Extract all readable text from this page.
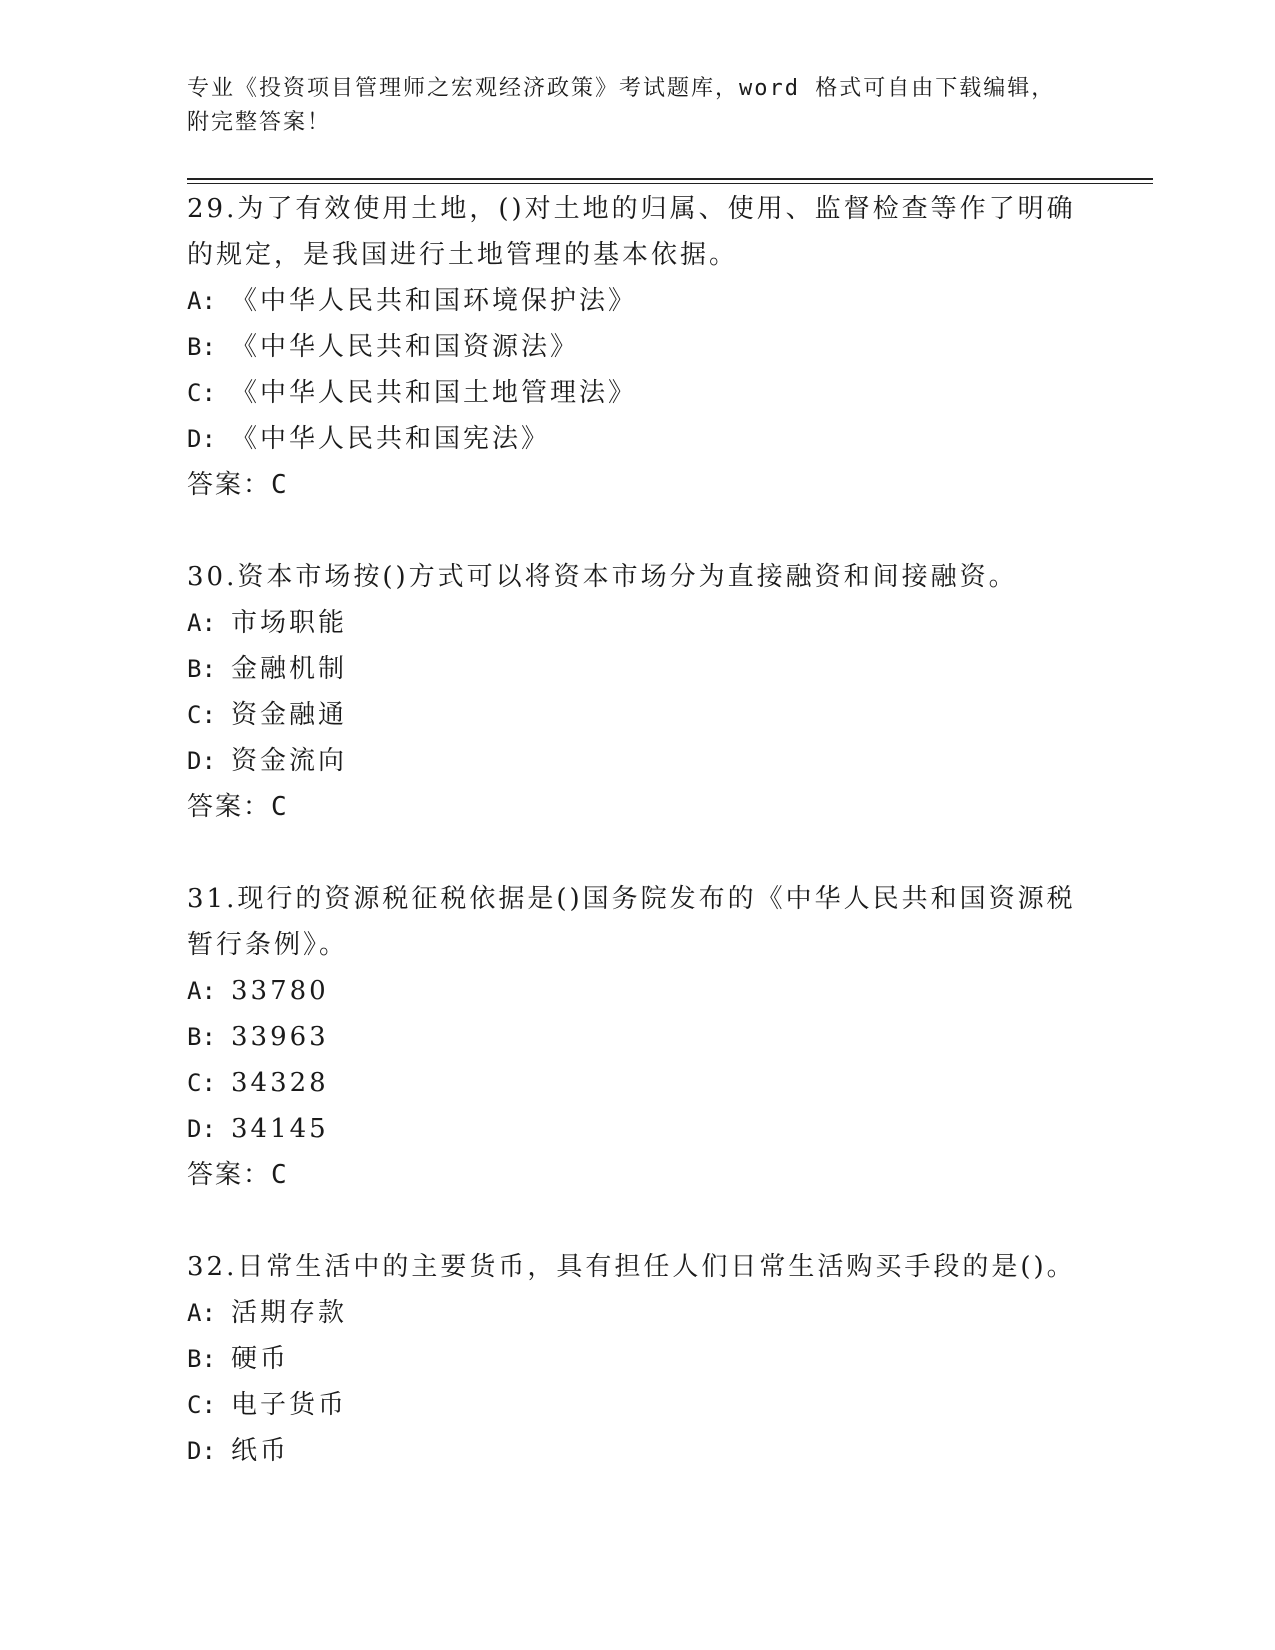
专业《投资项目管理师之宏观经济政策》考试题库，word 格式可自由下载编辑，
附完整答案！

29.为了有效使用土地，()对土地的归属、使用、监督检查等作了明确
的规定，是我国进行土地管理的基本依据。

A: 《中华人民共和国环境保护法》

B: 《中华人民共和国资源法》

C: 《中华人民共和国土地管理法》

D: 《中华人民共和国宪法》

答案：C

30.资本市场按()方式可以将资本市场分为直接融资和间接融资。

A: 市场职能

B: 金融机制

C: 资金融通

D: 资金流向

答案：C

31.现行的资源税征税依据是()国务院发布的《中华人民共和国资源税
暂行条例》。

A: 33780

B: 33963

C: 34328

D: 34145

答案：C

32.日常生活中的主要货币，具有担任人们日常生活购买手段的是()。

A: 活期存款

B: 硬币

C: 电子货币

D: 纸币
